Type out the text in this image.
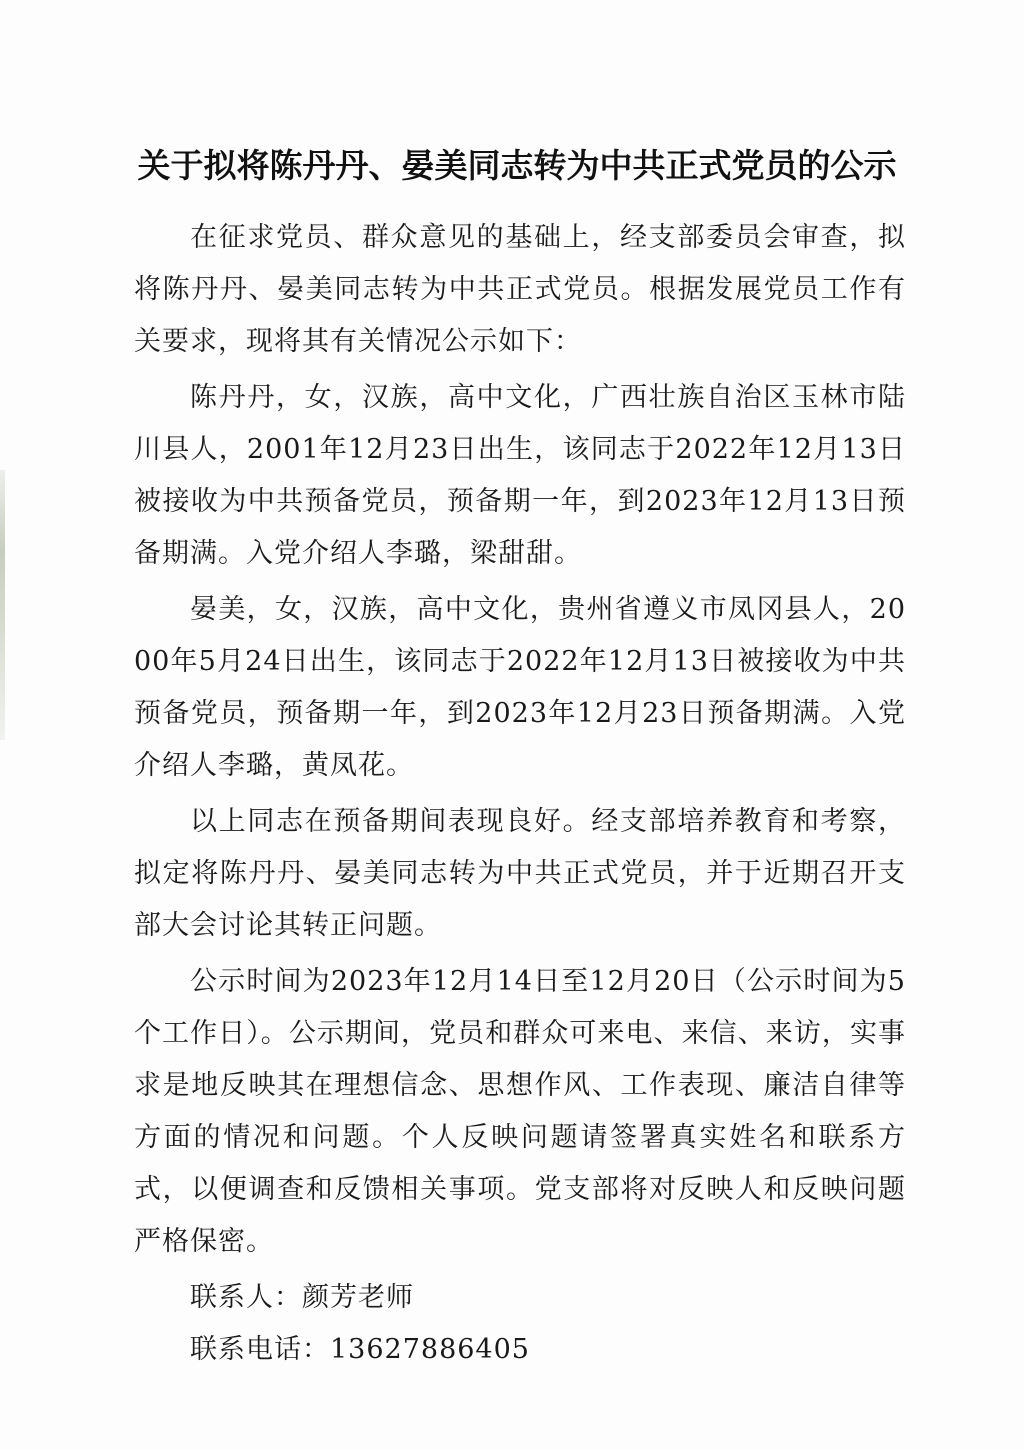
关于拟将陈丹丹、晏美同志转为中共正式党员的公示

在征求党员、群众意见的基础上，经支部委员会审查，拟将陈丹丹、晏美同志转为中共正式党员。根据发展党员工作有关要求，现将其有关情况公示如下：

陈丹丹，女，汉族，高中文化，广西壮族自治区玉林市陆川县人，2001年12月23日出生，该同志于2022年12月13日被接收为中共预备党员，预备期一年，到2023年12月13日预备期满。入党介绍人李璐，梁甜甜。

晏美，女，汉族，高中文化，贵州省遵义市凤冈县人，2000年5月24日出生，该同志于2022年12月13日被接收为中共预备党员，预备期一年，到2023年12月23日预备期满。入党介绍人李璐，黄凤花。

以上同志在预备期间表现良好。经支部培养教育和考察，拟定将陈丹丹、晏美同志转为中共正式党员，并于近期召开支部大会讨论其转正问题。

公示时间为2023年12月14日至12月20日（公示时间为5个工作日）。公示期间，党员和群众可来电、来信、来访，实事求是地反映其在理想信念、思想作风、工作表现、廉洁自律等方面的情况和问题。个人反映问题请签署真实姓名和联系方式，以便调查和反馈相关事项。党支部将对反映人和反映问题严格保密。

联系人：颜芳老师
联系电话：13627886405
